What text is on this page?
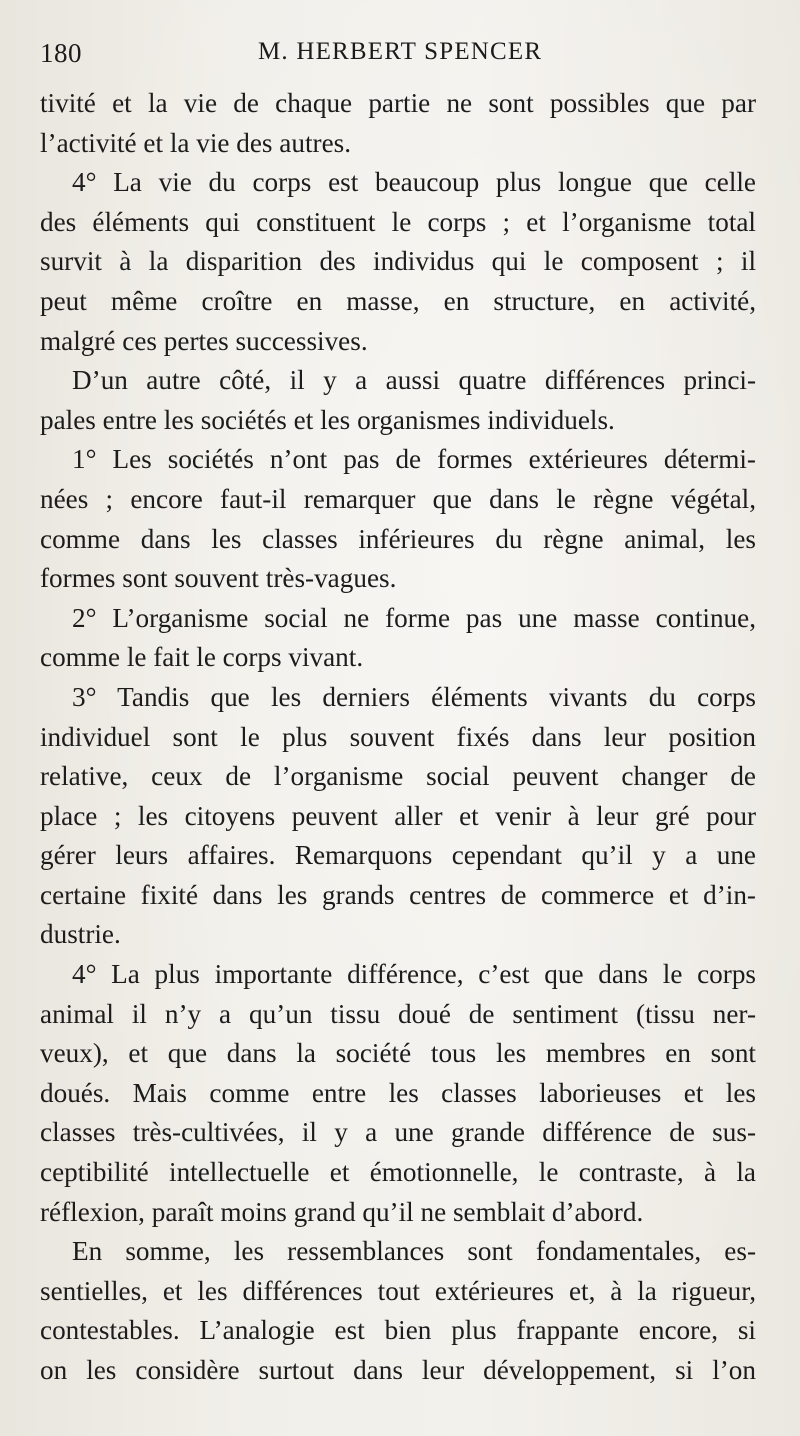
180	M. HERBERT SPENCER
tivité et la vie de chaque partie ne sont possibles que par
l’activité et la vie des autres.
4° La vie du corps est beaucoup plus longue que celle
des éléments qui constituent le corps ; et l’organisme total
survit à la disparition des individus qui le composent ; il
peut même croître en masse, en structure, en activité,
malgré ces pertes successives.
D’un autre côté, il y a aussi quatre différences princi-
pales entre les sociétés et les organismes individuels.
1° Les sociétés n’ont pas de formes extérieures détermi-
nées ; encore faut-il remarquer que dans le règne végétal,
comme dans les classes inférieures du règne animal, les
formes sont souvent très-vagues.
2° L’organisme social ne forme pas une masse continue,
comme le fait le corps vivant.
3° Tandis que les derniers éléments vivants du corps
individuel sont le plus souvent fixés dans leur position
relative, ceux de l’organisme social peuvent changer de
place ; les citoyens peuvent aller et venir à leur gré pour
gérer leurs affaires. Remarquons cependant qu’il y a une
certaine fixité dans les grands centres de commerce et d’in-
dustrie.
4° La plus importante différence, c’est que dans le corps
animal il n’y a qu’un tissu doué de sentiment (tissu ner-
veux), et que dans la société tous les membres en sont
doués. Mais comme entre les classes laborieuses et les
classes très-cultivées, il y a une grande différence de sus-
ceptibilité intellectuelle et émotionnelle, le contraste, à la
réflexion, paraît moins grand qu’il ne semblait d’abord.
En somme, les ressemblances sont fondamentales, es-
sentielles, et les différences tout extérieures et, à la rigueur,
contestables. L’analogie est bien plus frappante encore, si
on les considère surtout dans leur développement, si l’on
